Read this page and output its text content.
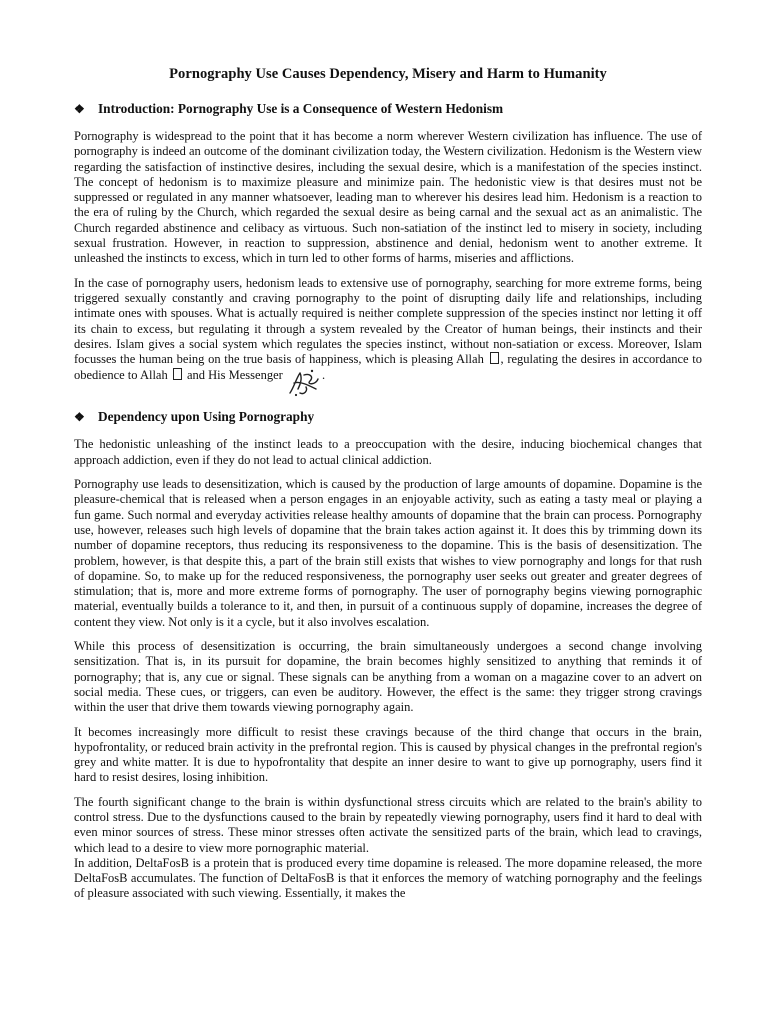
Pornography Use Causes Dependency, Misery and Harm to Humanity
❖ Introduction: Pornography Use is a Consequence of Western Hedonism

Pornography is widespread to the point that it has become a norm wherever Western civilization has influence. The use of pornography is indeed an outcome of the dominant civilization today, the Western civilization. Hedonism is the Western view regarding the satisfaction of instinctive desires, including the sexual desire, which is a manifestation of the species instinct. The concept of hedonism is to maximize pleasure and minimize pain. The hedonistic view is that desires must not be suppressed or regulated in any manner whatsoever, leading man to wherever his desires lead him. Hedonism is a reaction to the era of ruling by the Church, which regarded the sexual desire as being carnal and the sexual act as an animalistic. The Church regarded abstinence and celibacy as virtuous. Such non-satiation of the instinct led to misery in society, including sexual frustration. However, in reaction to suppression, abstinence and denial, hedonism went to another extreme. It unleashed the instincts to excess, which in turn led to other forms of harms, miseries and afflictions.

In the case of pornography users, hedonism leads to extensive use of pornography, searching for more extreme forms, being triggered sexually constantly and craving pornography to the point of disrupting daily life and relationships, including intimate ones with spouses. What is actually required is neither complete suppression of the species instinct nor letting it off its chain to excess, but regulating it through a system revealed by the Creator of human beings, their instincts and their desires. Islam gives a social system which regulates the species instinct, without non-satiation or excess. Moreover, Islam focusses the human being on the true basis of happiness, which is pleasing Allah , regulating the desires in accordance to obedience to Allah and His Messenger	.

❖ Dependency upon Using Pornography

The hedonistic unleashing of the instinct leads to a preoccupation with the desire, inducing biochemical changes that approach addiction, even if they do not lead to actual clinical addiction.

Pornography use leads to desensitization, which is caused by the production of large amounts of dopamine. Dopamine is the pleasure-chemical that is released when a person engages in an enjoyable activity, such as eating a tasty meal or playing a fun game. Such normal and everyday activities release healthy amounts of dopamine that the brain can process. Pornography use, however, releases such high levels of dopamine that the brain takes action against it. It does this by trimming down its number of dopamine receptors, thus reducing its responsiveness to the dopamine. This is the basis of desensitization. The problem, however, is that despite this, a part of the brain still exists that wishes to view pornography and longs for that rush of dopamine. So, to make up for the reduced responsiveness, the pornography user seeks out greater and greater degrees of stimulation; that is, more and more extreme forms of pornography. The user of pornography begins viewing pornographic material, eventually builds a tolerance to it, and then, in pursuit of a continuous supply of dopamine, increases the degree of content they view. Not only is it a cycle, but it also involves escalation.

While this process of desensitization is occurring, the brain simultaneously undergoes a second change involving sensitization. That is, in its pursuit for dopamine, the brain becomes highly sensitized to anything that reminds it of pornography; that is, any cue or signal. These signals can be anything from a woman on a magazine cover to an advert on social media. These cues, or triggers, can even be auditory. However, the effect is the same: they trigger strong cravings within the user that drive them towards viewing pornography again.

It becomes increasingly more difficult to resist these cravings because of the third change that occurs in the brain, hypofrontality, or reduced brain activity in the prefrontal region. This is caused by physical changes in the prefrontal region's grey and white matter. It is due to hypofrontality that despite an inner desire to want to give up pornography, users find it hard to resist desires, losing inhibition.

The fourth significant change to the brain is within dysfunctional stress circuits which are related to the brain's ability to control stress. Due to the dysfunctions caused to the brain by repeatedly viewing pornography, users find it hard to deal with even minor sources of stress. These minor stresses often activate the sensitized parts of the brain, which lead to cravings, which lead to a desire to view more pornographic material.

In addition, DeltaFosB is a protein that is produced every time dopamine is released. The more dopamine released, the more DeltaFosB accumulates. The function of DeltaFosB is that it enforces the memory of watching pornography and the feelings of pleasure associated with such viewing. Essentially, it makes the
